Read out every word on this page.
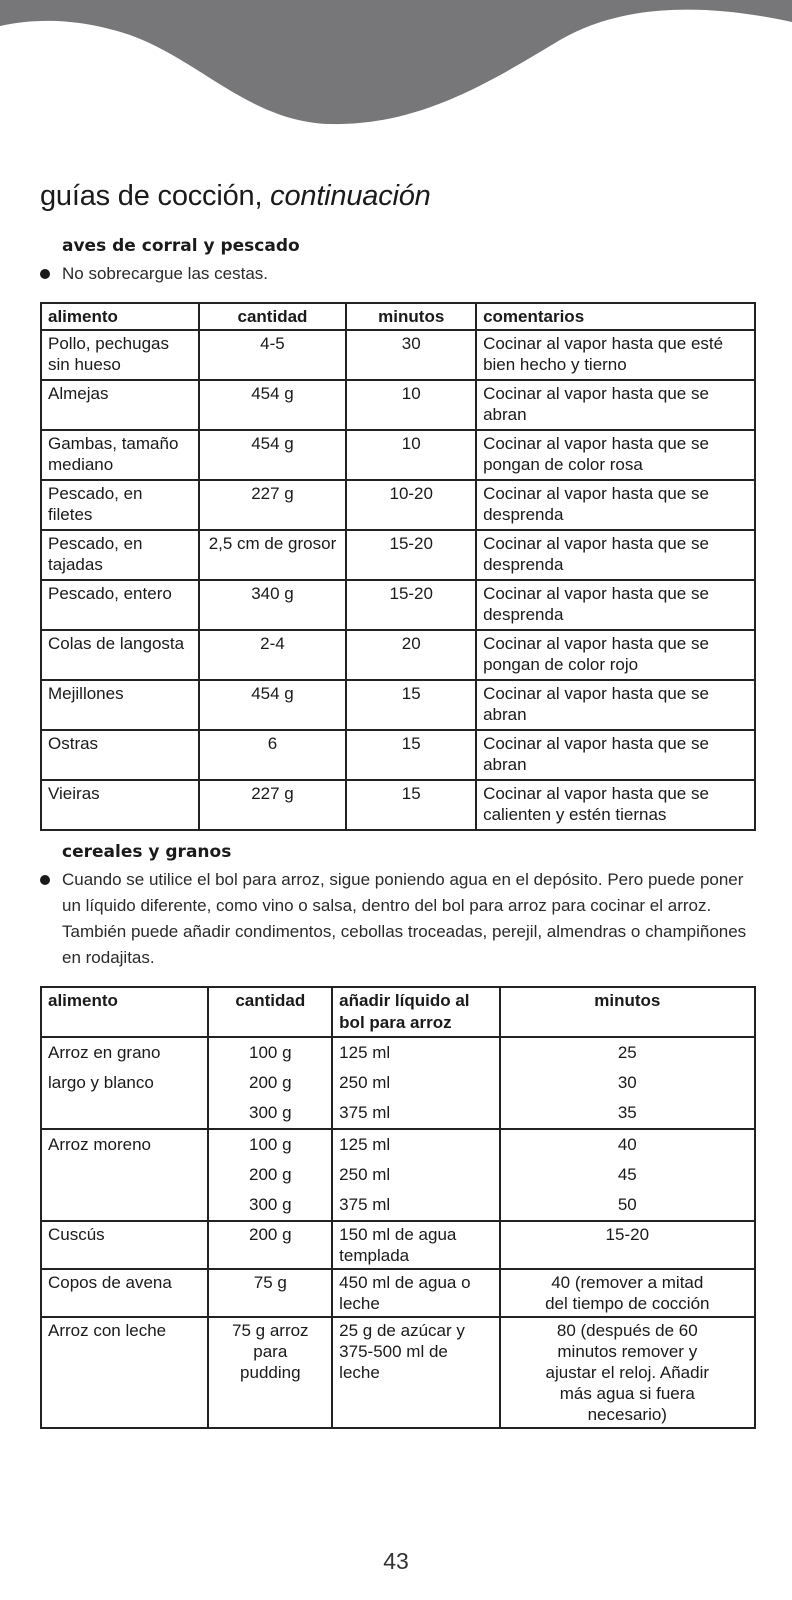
guías de cocción, continuación
aves de corral y pescado
No sobrecargue las cestas.
alimento	cantidad	minutos	comentarios
Pollo, pechugas sin hueso	4-5	30	Cocinar al vapor hasta que esté bien hecho y tierno
Almejas	454 g	10	Cocinar al vapor hasta que se abran
Gambas, tamaño mediano	454 g	10	Cocinar al vapor hasta que se pongan de color rosa
Pescado, en filetes	227 g	10-20	Cocinar al vapor hasta que se desprenda
Pescado, en tajadas	2,5 cm de grosor	15-20	Cocinar al vapor hasta que se desprenda
Pescado, entero	340 g	15-20	Cocinar al vapor hasta que se desprenda
Colas de langosta	2-4	20	Cocinar al vapor hasta que se pongan de color rojo
Mejillones	454 g	15	Cocinar al vapor hasta que se abran
Ostras	6	15	Cocinar al vapor hasta que se abran
Vieiras	227 g	15	Cocinar al vapor hasta que se calienten y estén tiernas
cereales y granos
Cuando se utilice el bol para arroz, sigue poniendo agua en el depósito. Pero puede poner un líquido diferente, como vino o salsa, dentro del bol para arroz para cocinar el arroz. También puede añadir condimentos, cebollas troceadas, perejil, almendras o champiñones en rodajitas.
alimento	cantidad	añadir líquido al bol para arroz	minutos
Arroz en grano	100 g	125 ml	25
largo y blanco	200 g	250 ml	30
	300 g	375 ml	35
Arroz moreno	100 g	125 ml	40
	200 g	250 ml	45
	300 g	375 ml	50
Cuscús	200 g	150 ml de agua templada	15-20
Copos de avena	75 g	450 ml de agua o leche	40 (remover a mitad del tiempo de cocción
Arroz con leche	75 g arroz para pudding	25 g de azúcar y 375-500 ml de leche	80 (después de 60 minutos remover y ajustar el reloj. Añadir más agua si fuera necesario)
43
